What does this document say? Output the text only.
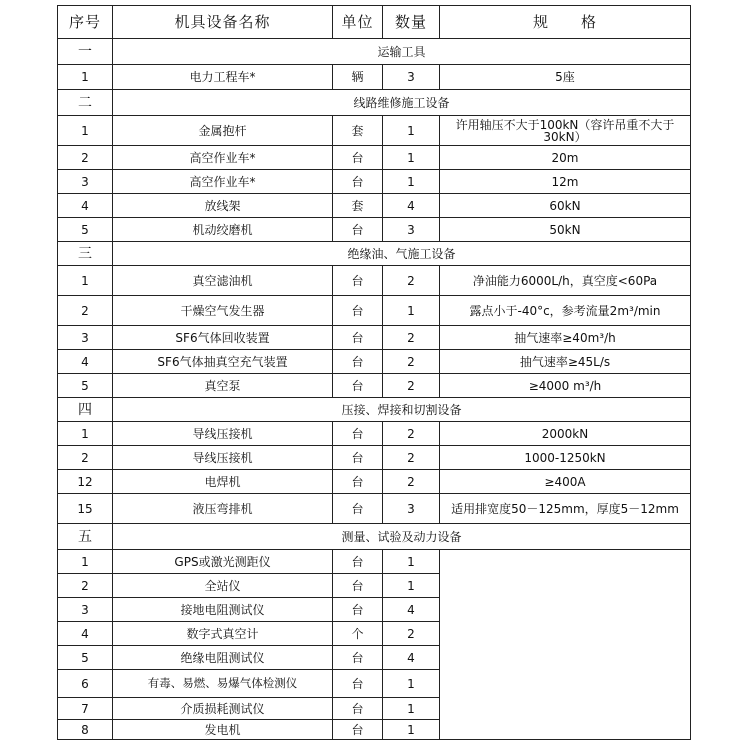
序号	机具设备名称	单位	数量	规　　格	
一	运输工具				
1	电力工程车*	辆	3	5座	
二	线路维修施工设备				
1	金属抱杆	套	1	许用轴压不大于100kN（容许吊重不大于30kN）	
2	高空作业车*	台	1	20m	
3	高空作业车*	台	1	12m	
4	放线架	套	4	60kN	
5	机动绞磨机	台	3	50kN	
三	绝缘油、气施工设备				
1	真空滤油机	台	2	净油能力6000L/h，真空度<60Pa	
2	干燥空气发生器	台	1	露点小于-40°c，参考流量2m³/min	
3	SF6气体回收装置	台	2	抽气速率≥40m³/h	
4	SF6气体抽真空充气装置	台	2	抽气速率≥45L/s	
5	真空泵	台	2	≥4000 m³/h	
四	压接、焊接和切割设备				
1	导线压接机	台	2	2000kN	
2	导线压接机	台	2	1000-1250kN	
12	电焊机	台	2	≥400A	
15	液压弯排机	台	3	适用排宽度50－125mm，厚度5－12mm	
五	测量、试验及动力设备				
1	GPS或激光测距仪	台	1		
2	全站仪	台	1		
3	接地电阻测试仪	台	4		
4	数字式真空计	个	2		
5	绝缘电阻测试仪	台	4		
6	有毒、易燃、易爆气体检测仪	台	1		
7	介质损耗测试仪	台	1		
8	发电机	台	1	
